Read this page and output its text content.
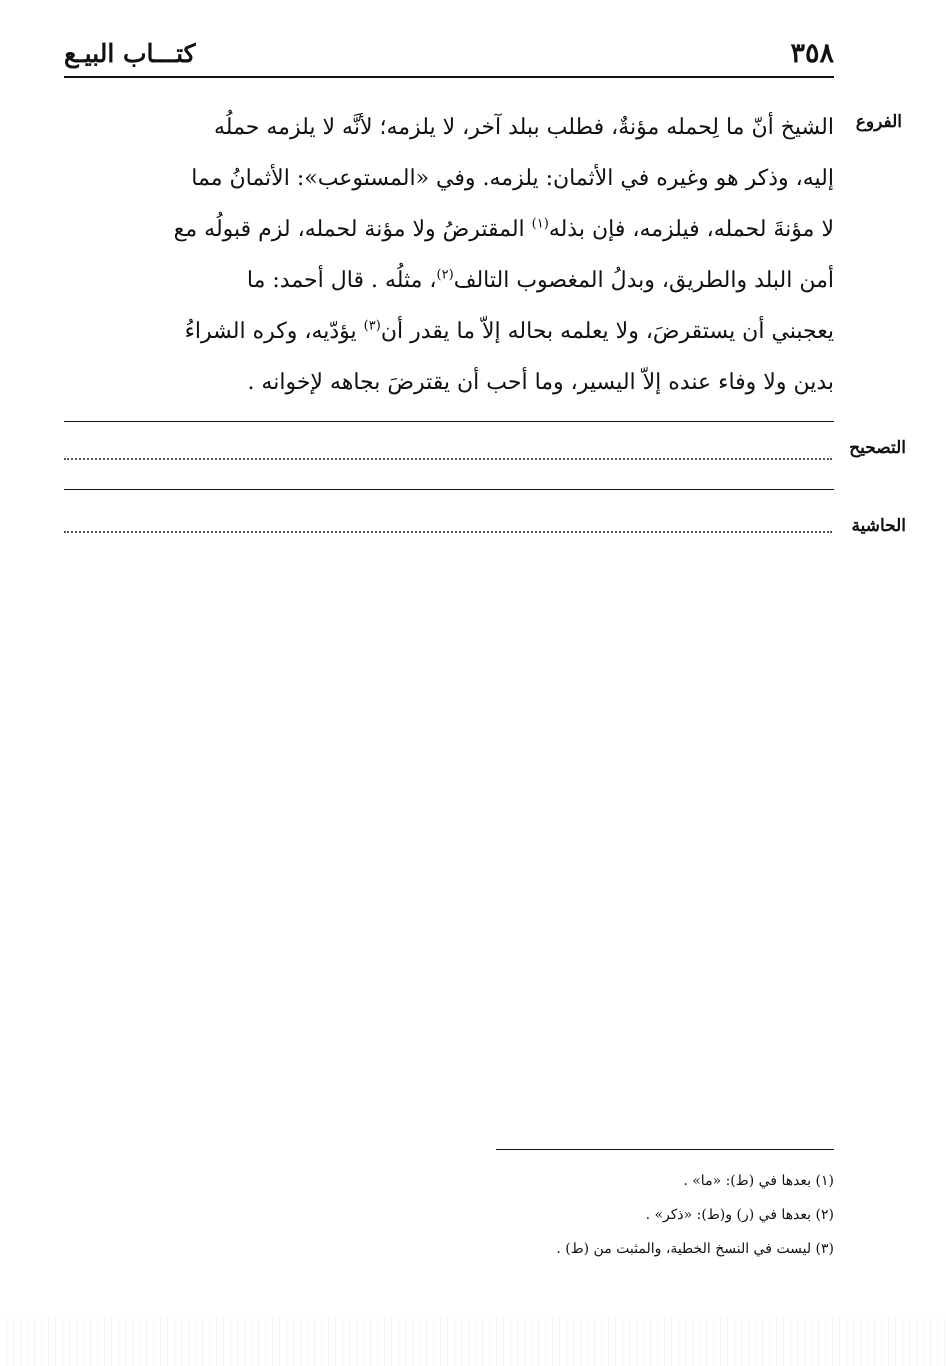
٣٥٨
كتـــاب البيـع
الفروع
الشيخ أنّ ما لِحمله مؤنةٌ، فطلب ببلد آخر، لا يلزمه؛ لأنَّه لا يلزمه حملُه
إليه، وذكر هو وغيره في الأثمان: يلزمه. وفي «المستوعب»: الأثمانُ مما
لا مؤنةَ لحمله، فيلزمه، فإن بذله$^{(١)}$ المقترضُ ولا مؤنة لحمله، لزم قبولُه مع
أمن البلد والطريق، وبدلُ المغصوب التالف$^{(٢)}$، مثلُه . قال أحمد: ما
يعجبني أن يستقرضَ، ولا يعلمه بحاله إلاّ ما يقدر أن$^{(٣)}$ يؤدّيه، وكره الشراءُ
بدين ولا وفاء عنده إلاّ اليسير، وما أحب أن يقترضَ بجاهه لإخوانه .
التصحيح
الحاشية
(١) بعدها في (ط): «ما» .
(٢) بعدها في (ر) و(ط): «ذكر» .
(٣) ليست في النسخ الخطية، والمثبت من (ط) .
